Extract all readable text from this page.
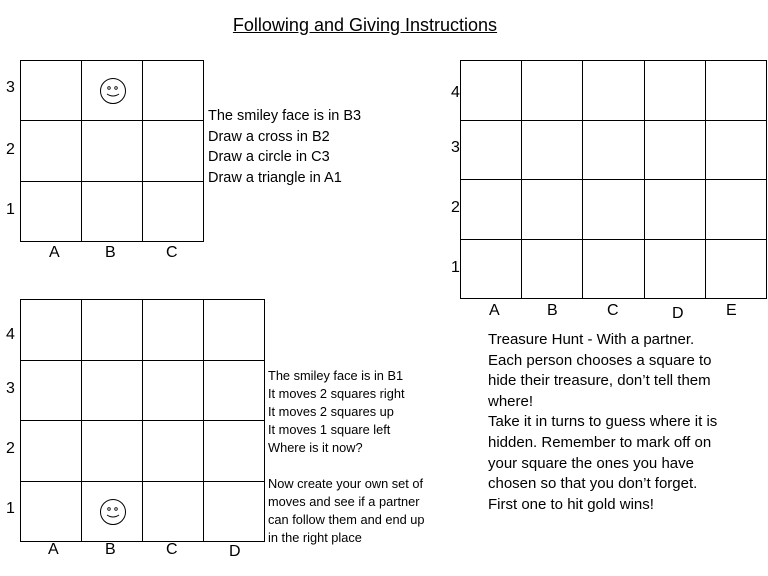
Following and Giving Instructions
3
2
1
A	B	C
4
3
2
1
A	B	C	D	E
4
3
2
1
A	B	C	D
The smiley face is in B3
Draw a cross in B2
Draw a circle in C3
Draw a triangle in A1
Treasure Hunt - With a partner.
Each person chooses a square to
hide their treasure, don’t tell them
where!
Take it in turns to guess where it is
hidden. Remember to mark off on
your square the ones you have
chosen so that you don’t forget.
First one to hit gold wins!
The smiley face is in B1
It moves 2 squares right
It moves 2 squares up
It moves 1 square left
Where is it now?

Now create your own set of
moves and see if a partner
can follow them and end up
in the right place
